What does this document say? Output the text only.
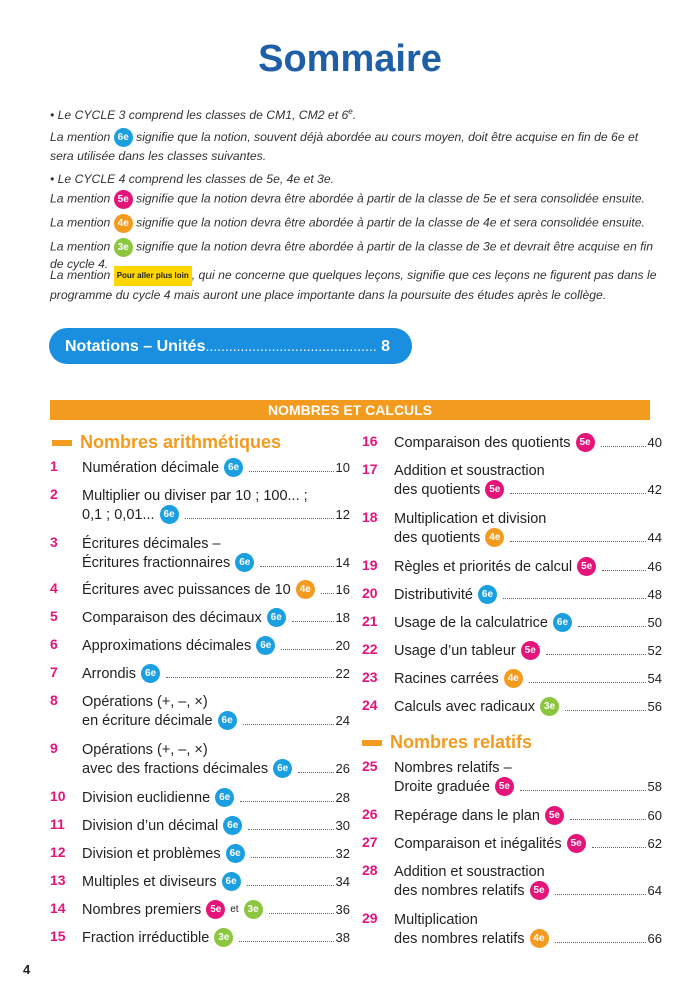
Sommaire

• Le CYCLE 3 comprend les classes de CM1, CM2 et 6e.

La mention 6e signifie que la notion, souvent déjà abordée au cours moyen, doit être acquise en fin de 6e et sera utilisée dans les classes suivantes.

• Le CYCLE 4 comprend les classes de 5e, 4e et 3e.

La mention 5e signifie que la notion devra être abordée à partir de la classe de 5e et sera consolidée ensuite.

La mention 4e signifie que la notion devra être abordée à partir de la classe de 4e et sera consolidée ensuite.

La mention 3e signifie que la notion devra être abordée à partir de la classe de 3e et devrait être acquise en fin de cycle 4.

La mention Pour aller plus loin , qui ne concerne que quelques leçons, signifie que ces leçons ne figurent pas dans le programme du cycle 4 mais auront une place importante dans la poursuite des études après le collège.

Notations – Unités............................................ 8
NOMBRES ET CALCULS
Nombres arithmétiques
Nombres relatifs
1 Numération décimale 6e	10
2 Multiplier ou diviser par 10 ; 100... ;
0,1 ; 0,01... 6e	12
3 Écritures décimales –
Écritures fractionnaires 6e	14
4 Écritures avec puissances de 10 4e	16
5 Comparaison des décimaux 6e	18
6 Approximations décimales 6e	20
7 Arrondis 6e	22
8 Opérations (+, –, ×)
en écriture décimale 6e	24
9 Opérations (+, –, ×)
avec des fractions décimales 6e	26
10 Division euclidienne 6e	28
11 Division d’un décimal 6e	30
12 Division et problèmes 6e	32
13 Multiples et diviseurs 6e	34
14 Nombres premiers 5e et 3e	36
15 Fraction irréductible 3e	38
16 Comparaison des quotients 5e	40
17 Addition et soustraction
des quotients 5e	42
18 Multiplication et division
des quotients 4e	44
19 Règles et priorités de calcul 5e	46
20 Distributivité 6e	48
21 Usage de la calculatrice 6e	50
22 Usage d’un tableur 5e	52
23 Racines carrées 4e	54
24 Calculs avec radicaux 3e	56
25 Nombres relatifs –
Droite graduée 5e	58
26 Repérage dans le plan 5e	60
27 Comparaison et inégalités 5e	62
28 Addition et soustraction
des nombres relatifs 5e	64
29 Multiplication
des nombres relatifs 4e	66
4
